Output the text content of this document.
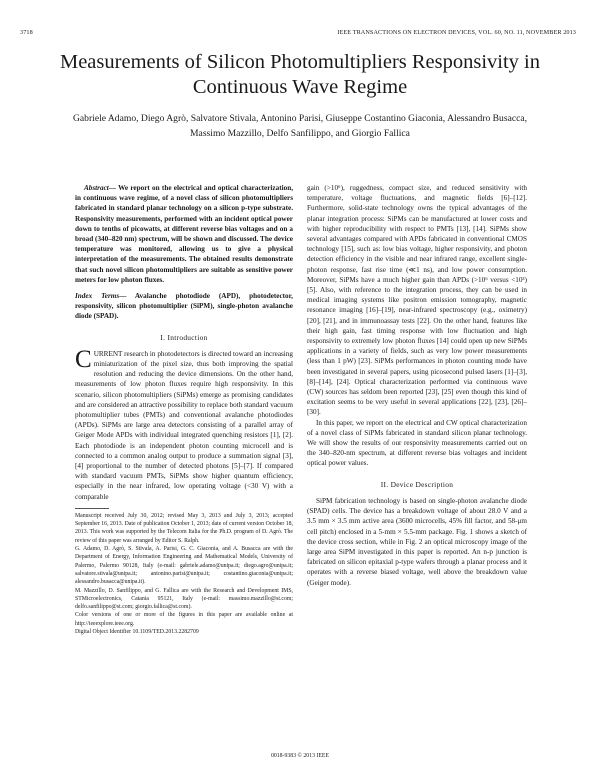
3718	IEEE TRANSACTIONS ON ELECTRON DEVICES, VOL. 60, NO. 11, NOVEMBER 2013
Measurements of Silicon Photomultipliers Responsivity in Continuous Wave Regime
Gabriele Adamo, Diego Agrò, Salvatore Stivala, Antonino Parisi, Giuseppe Costantino Giaconia, Alessandro Busacca, Massimo Mazzillo, Delfo Sanfilippo, and Giorgio Fallica

Abstract— We report on the electrical and optical characterization, in continuous wave regime, of a novel class of silicon photomultipliers fabricated in standard planar technology on a silicon p-type substrate. Responsivity measurements, performed with an incident optical power down to tenths of picowatts, at different reverse bias voltages and on a broad (340–820 nm) spectrum, will be shown and discussed. The device temperature was monitored, allowing us to give a physical interpretation of the measurements. The obtained results demonstrate that such novel silicon photomultipliers are suitable as sensitive power meters for low photon fluxes.

Index Terms— Avalanche photodiode (APD), photodetector, responsivity, silicon photomultiplier (SiPM), single-photon avalanche diode (SPAD).

I. Introduction

CURRENT research in photodetectors is directed toward an increasing miniaturization of the pixel size, thus both improving the spatial resolution and reducing the device dimensions. On the other hand, measurements of low photon fluxes require high responsivity. In this scenario, silicon photomultipliers (SiPMs) emerge as promising candidates and are considered an attractive possibility to replace both standard vacuum photomultiplier tubes (PMTs) and conventional avalanche photodiodes (APDs). SiPMs are large area detectors consisting of a parallel array of Geiger Mode APDs with individual integrated quenching resistors [1], [2]. Each photodiode is an independent photon counting microcell and is connected to a common analog output to produce a summation signal [3], [4] proportional to the number of detected photons [5]–[7]. If compared with standard vacuum PMTs, SiPMs show higher quantum efficiency, especially in the near infrared, low operating voltage (<30 V) with a comparable

Manuscript received July 30, 2012; revised May 3, 2013 and July 3, 2013; accepted September 16, 2013. Date of publication October 1, 2013; date of current version October 18, 2013. This work was supported by the Telecom Italia for the Ph.D. program of D. Agrò. The review of this paper was arranged by Editor S. Ralph.

G. Adamo, D. Agrò, S. Stivala, A. Parisi, G. C. Giaconia, and A. Busacca are with the Department of Energy, Information Engineering and Mathematical Models, University of Palermo, Palermo 90128, Italy (e-mail: gabriele.adamo@unipa.it; diego.agro@unipa.it; salvatore.stivala@unipa.it; antonino.parisi@unipa.it; costantino.giaconia@unipa.it; alessandro.busacca@unipa.it).

M. Mazzillo, D. Sanfilippo, and G. Fallica are with the Research and Development IMS, STMicroelectronics, Catania 95121, Italy (e-mail: massimo.mazzillo@st.com; delfo.sanfilippo@st.com; giorgio.fallica@st.com).

Color versions of one or more of the figures in this paper are available online at http://ieeexplore.ieee.org.

Digital Object Identifier 10.1109/TED.2013.2282709

gain (>10⁶), ruggedness, compact size, and reduced sensitivity with temperature, voltage fluctuations, and magnetic fields [6]–[12]. Furthermore, solid-state technology owns the typical advantages of the planar integration process: SiPMs can be manufactured at lower costs and with higher reproducibility with respect to PMTs [13], [14]. SiPMs show several advantages compared with APDs fabricated in conventional CMOS technology [15], such as: low bias voltage, higher responsivity, and photon detection efficiency in the visible and near infrared range, excellent single-photon response, fast rise time (≪1 ns), and low power consumption. Moreover, SiPMs have a much higher gain than APDs (>10⁶ versus <10³) [5]. Also, with reference to the integration process, they can be used in medical imaging systems like positron emission tomography, magnetic resonance imaging [16]–[19], near-infrared spectroscopy (e.g., oximetry) [20], [21], and in immunoassay tests [22]. On the other hand, features like their high gain, fast timing response with low fluctuation and high responsivity to extremely low photon fluxes [14] could open up new SiPMs applications in a variety of fields, such as very low power measurements (less than 1 pW) [23]. SiPMs performances in photon counting mode have been investigated in several papers, using picosecond pulsed lasers [1]–[3], [8]–[14], [24]. Optical characterization performed via continuous wave (CW) sources has seldom been reported [23], [25] even though this kind of excitation seems to be very useful in several applications [22], [23], [26]–[30].

In this paper, we report on the electrical and CW optical characterization of a novel class of SiPMs fabricated in standard silicon planar technology. We will show the results of our responsivity measurements carried out on the 340–820-nm spectrum, at different reverse bias voltages and incident optical power values.

II. Device Description

SiPM fabrication technology is based on single-photon avalanche diode (SPAD) cells. The device has a breakdown voltage of about 28.0 V and a 3.5 mm × 3.5 mm active area (3600 microcells, 45% fill factor, and 58-μm cell pitch) enclosed in a 5-mm × 5.5-mm package. Fig. 1 shows a sketch of the device cross section, while in Fig. 2 an optical microscopy image of the large area SiPM investigated in this paper is reported. An n-p junction is fabricated on silicon epitaxial p-type wafers through a planar process and it operates with a reverse biased voltage, well above the breakdown value (Geiger mode).

0018-9383 © 2013 IEEE
